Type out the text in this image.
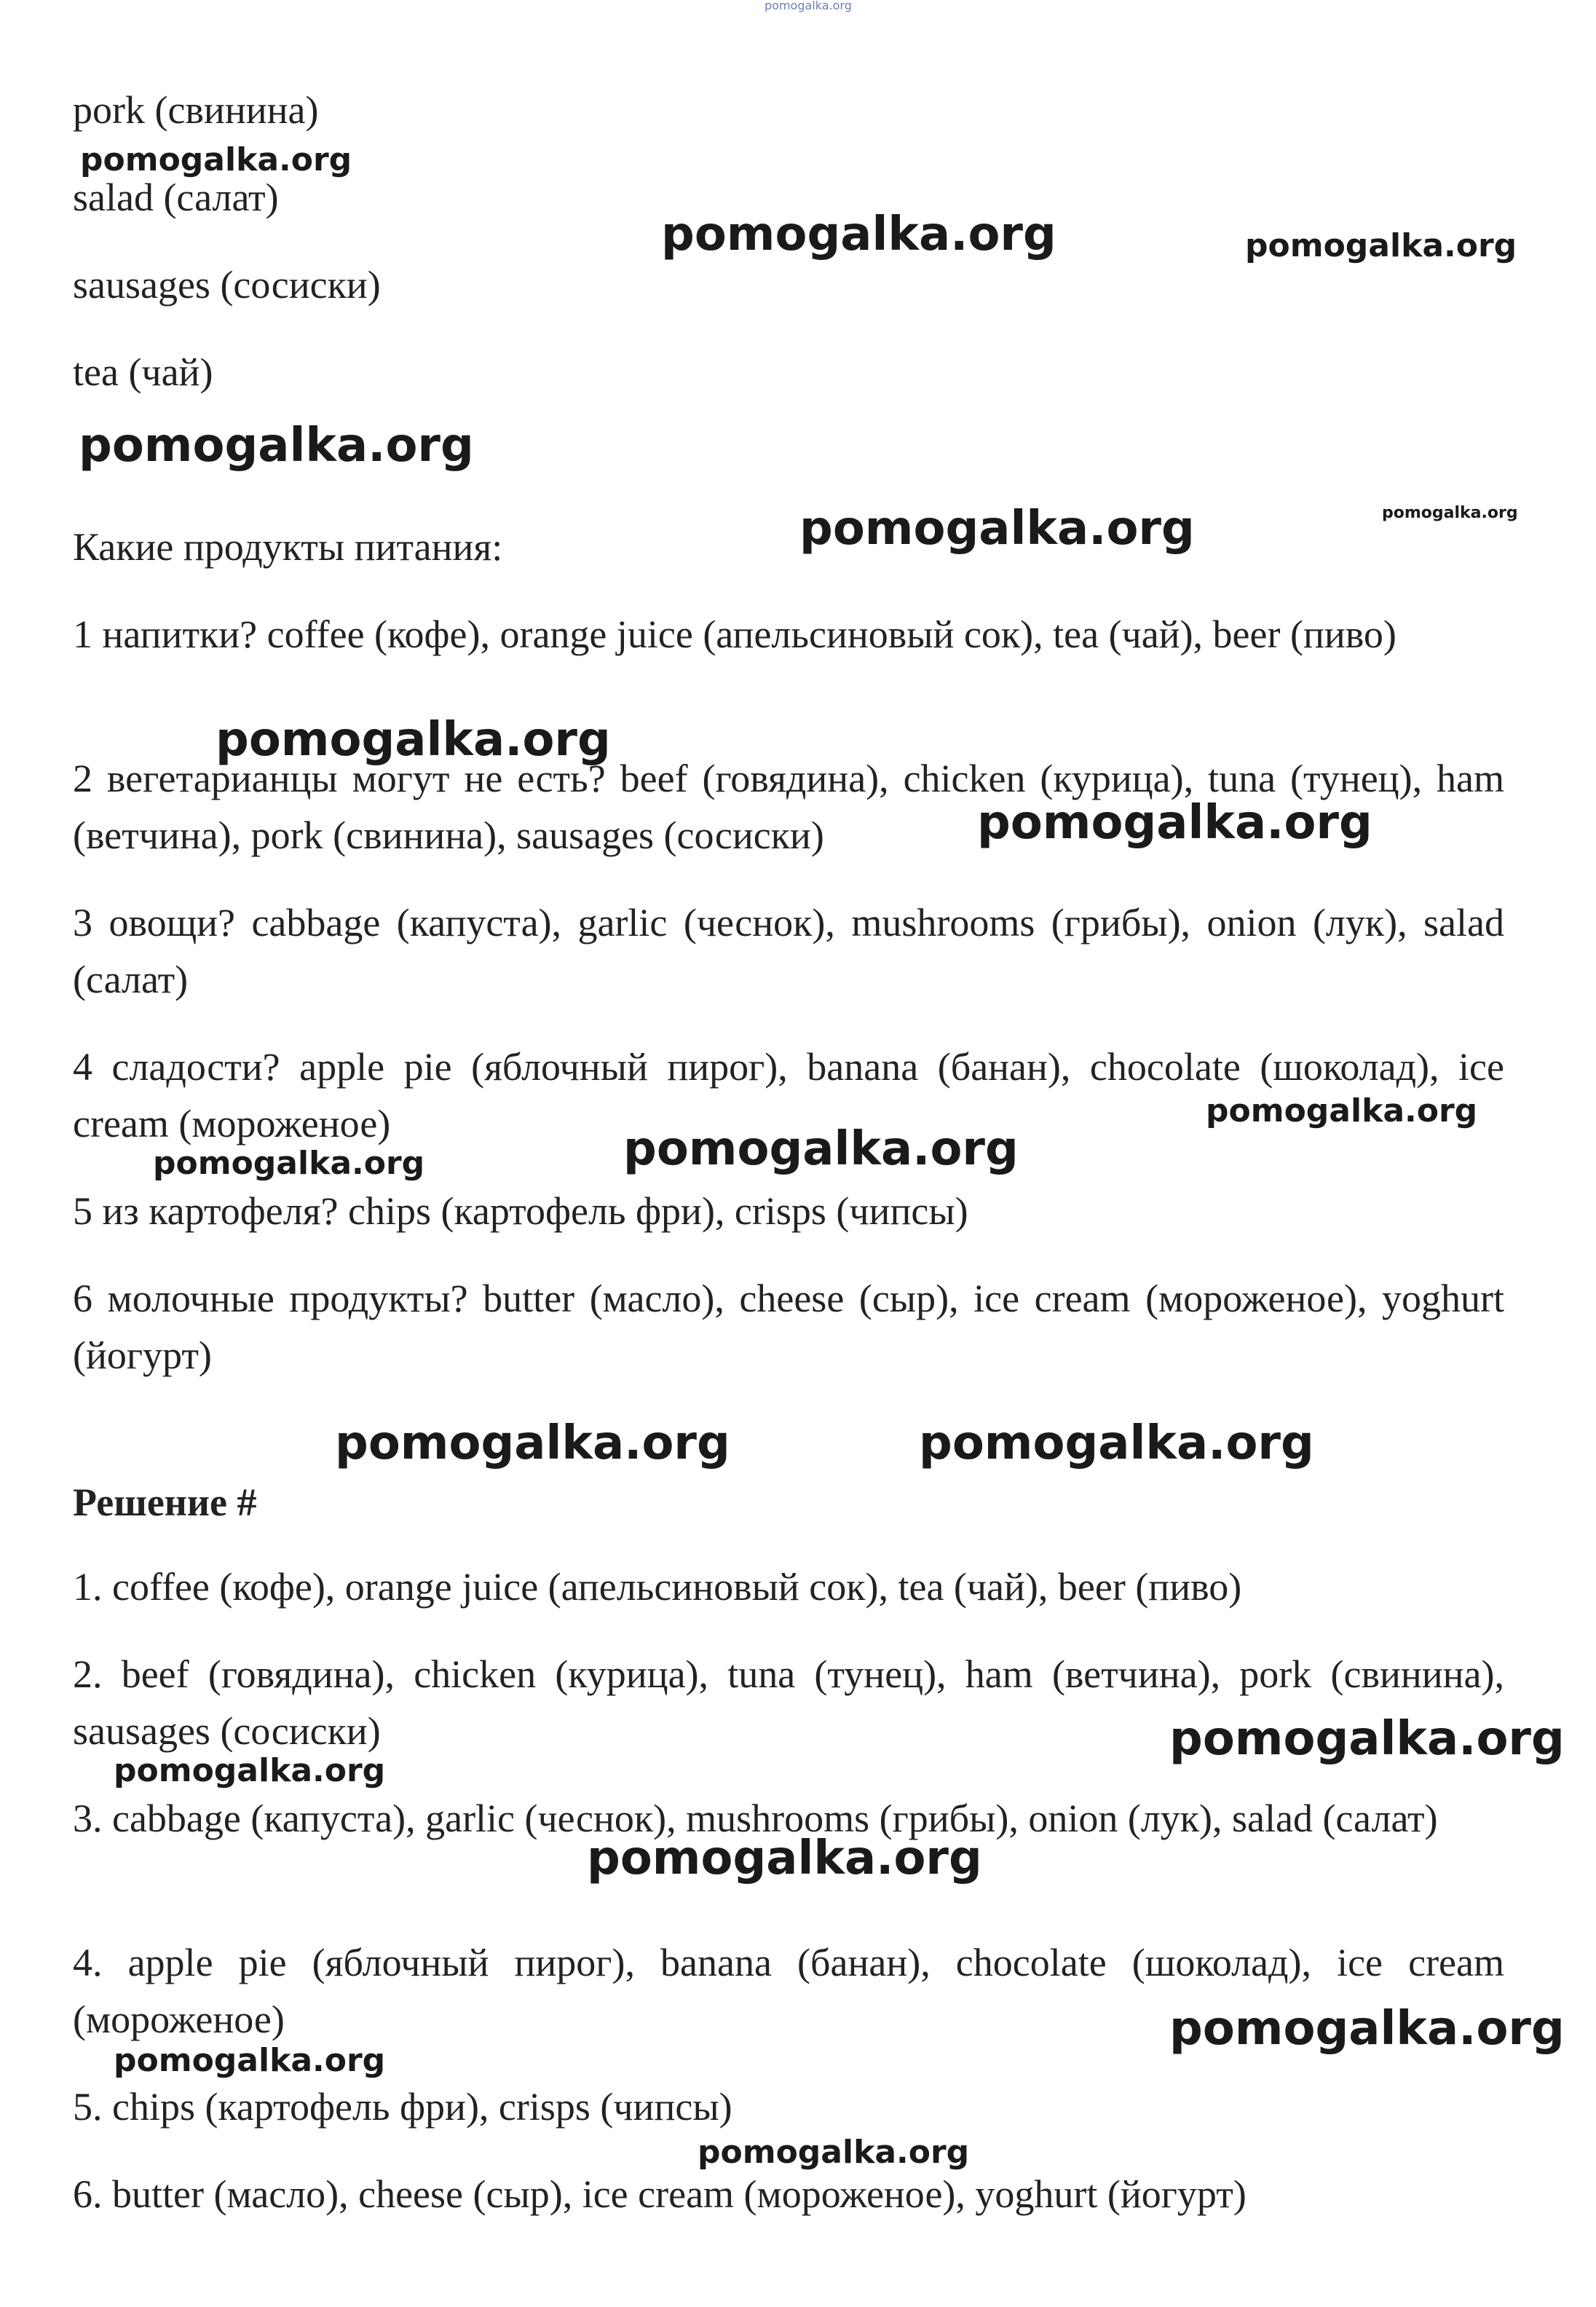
pork (свинина)

salad (салат)

sausages (сосиски)

tea (чай)

Какие продукты питания:

1 напитки? coffee (кофе), orange juice (апельсиновый сок), tea (чай), beer (пиво)

2 вегетарианцы могут не есть? beef (говядина), chicken (курица), tuna (тунец), ham (ветчина), pork (свинина), sausages (сосиски)

3 овощи? cabbage (капуста), garlic (чеснок), mushrooms (грибы), onion (лук), salad (салат)

4 сладости? apple pie (яблочный пирог), banana (банан), chocolate (шоколад), ice cream (мороженое)

5 из картофеля? chips (картофель фри), crisps (чипсы)

6 молочные продукты? butter (масло), cheese (сыр), ice cream (мороженое), yoghurt (йогурт)

Решение #

1. coffee (кофе), orange juice (апельсиновый сок), tea (чай), beer (пиво)

2. beef (говядина), chicken (курица), tuna (тунец), ham (ветчина), pork (свинина), sausages (сосиски)

3. cabbage (капуста), garlic (чеснок), mushrooms (грибы), onion (лук), salad (салат)

4. apple pie (яблочный пирог), banana (банан), chocolate (шоколад), ice cream (мороженое)

5. chips (картофель фри), crisps (чипсы)

6. butter (масло), cheese (сыр), ice cream (мороженое), yoghurt (йогурт)

pomogalka.org
pomogalka.org
pomogalka.org	pomogalka.org
pomogalka.org
pomogalka.org	pomogalka.org
pomogalka.org
pomogalka.org
pomogalka.org
pomogalka.org	pomogalka.org
pomogalka.org	pomogalka.org
pomogalka.org
pomogalka.org
pomogalka.org
pomogalka.org
pomogalka.org
pomogalka.org
